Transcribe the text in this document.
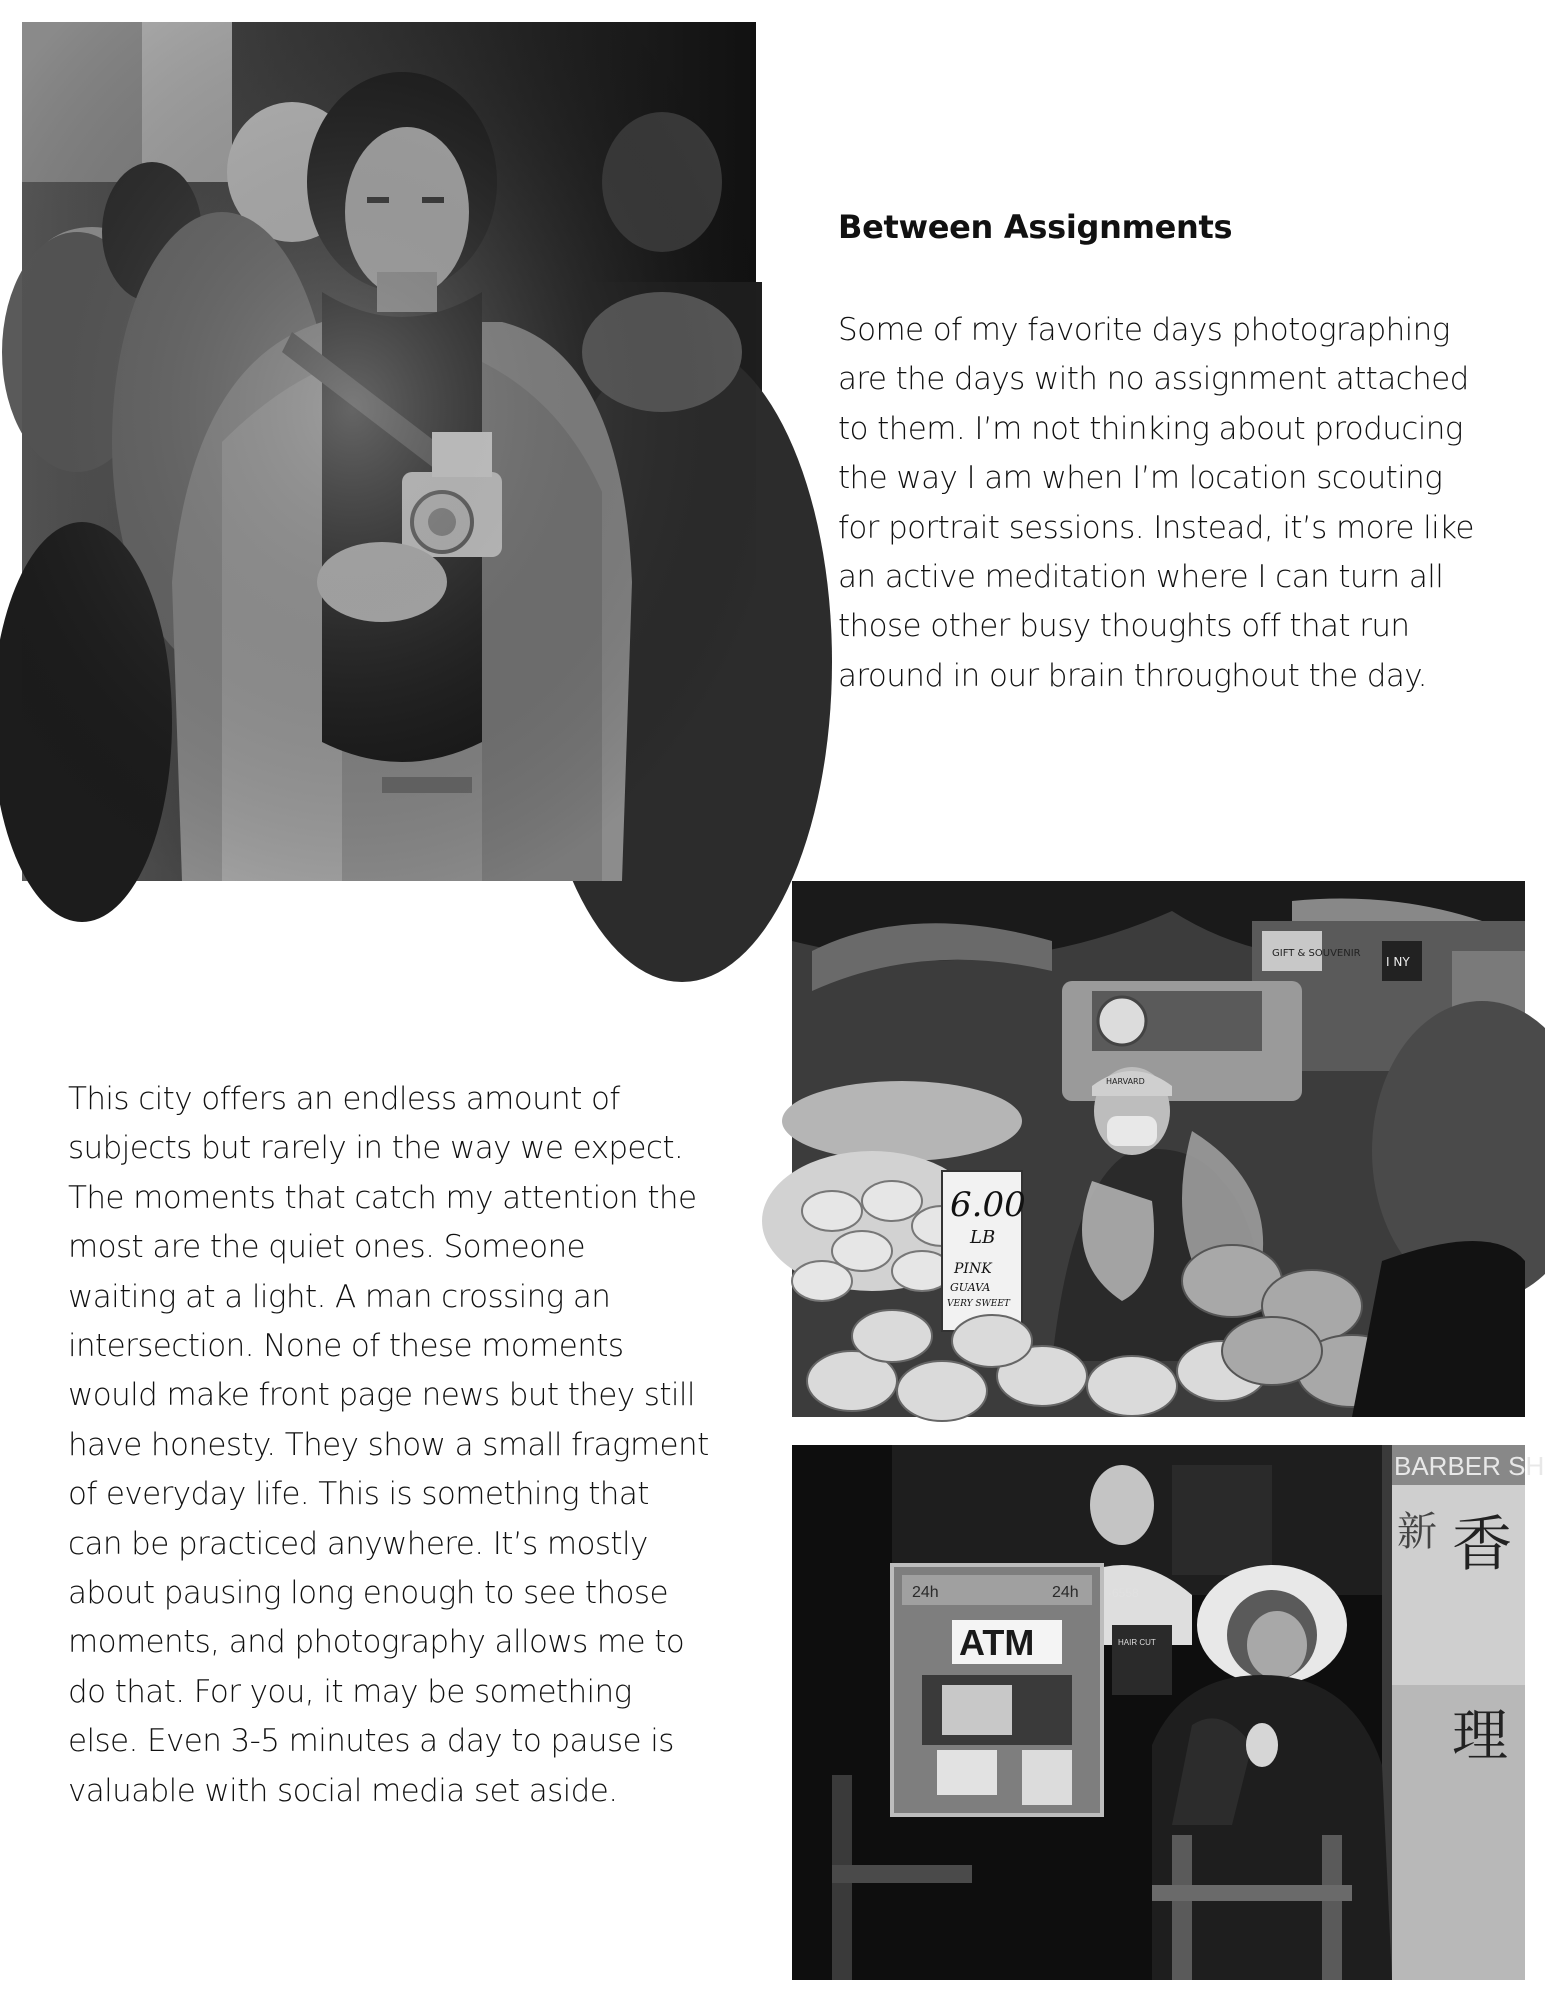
Between Assignments
Some of my favorite days photographing
are the days with no assignment attached
to them. I’m not thinking about producing
the way I am when I’m location scouting
for portrait sessions. Instead, it’s more like
an active meditation where I can turn all
those other busy thoughts off that run
around in our brain throughout the day.
GIFT & SOUVENIR
I NY
6.00
LB
PINK
GUAVA
VERY SWEET
HARVARD
This city offers an endless amount of
subjects but rarely in the way we expect.
The moments that catch my attention the
most are the quiet ones. Someone
waiting at a light. A man crossing an
intersection. None of these moments
would make front page news but they still
have honesty. They show a small fragment
of everyday life. This is something that
can be practiced anywhere. It’s mostly
about pausing long enough to see those
moments, and photography allows me to
do that. For you, it may be something
else. Even 3-5 minutes a day to pause is
valuable with social media set aside.
BARBER SH
香
新
理
24h	24h -6558
ATM	HAIR CUT
